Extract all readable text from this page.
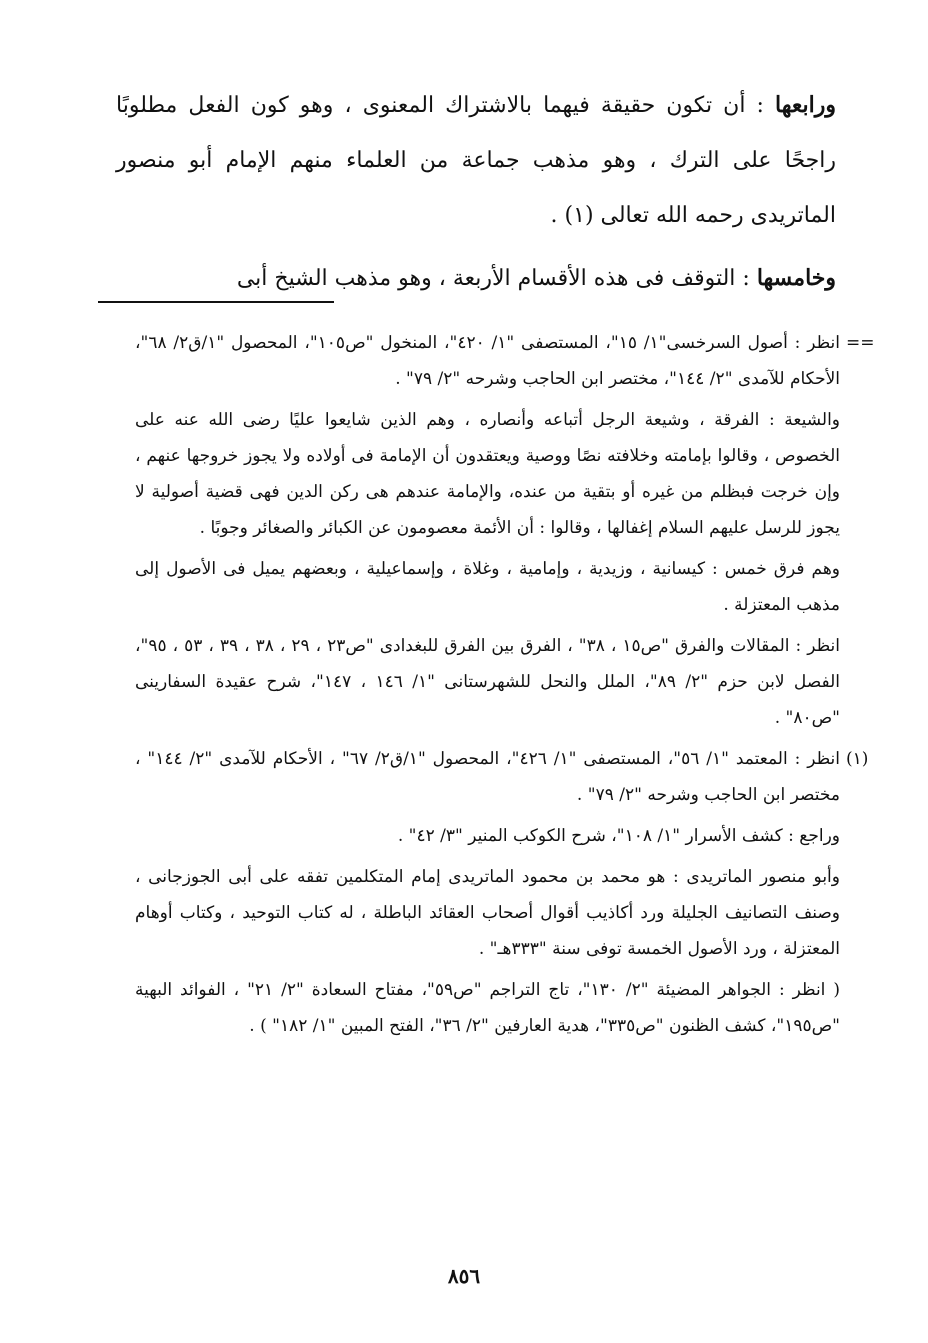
ورابعها : أن تكون حقيقة فيهما بالاشتراك المعنوى ، وهو كون الفعل مطلوبًا راجحًا على الترك ، وهو مذهب جماعة من العلماء منهم الإمام أبو منصور الماتريدى رحمه الله تعالى (١) .

وخامسها : التوقف فى هذه الأقسام الأربعة ، وهو مذهب الشيخ أبى

==
انظر : أصول السرخسى"١/ ١٥"، المستصفى "١/ ٤٢٠"، المنخول "ص١٠٥"، المحصول "١/ق٢/ ٦٨"، الأحكام للآمدى "٢/ ١٤٤"، مختصر ابن الحاجب وشرحه "٢/ ٧٩" .
والشيعة : الفرقة ، وشيعة الرجل أتباعه وأنصاره ، وهم الذين شايعوا عليًا رضى الله عنه على الخصوص ، وقالوا بإمامته وخلافته نصًا ووصية ويعتقدون أن الإمامة فى أولاده ولا يجوز خروجها عنهم ، وإن خرجت فبظلم من غيره أو بتقية من عنده، والإمامة عندهم هى ركن الدين فهى قضية أصولية لا يجوز للرسل عليهم السلام إغفالها ، وقالوا : أن الأئمة معصومون عن الكبائر والصغائر وجوبًا .
وهم فرق خمس : كيسانية ، وزيدية ، وإمامية ، وغلاة ، وإسماعيلية ، وبعضهم يميل فى الأصول إلى مذهب المعتزلة .
انظر : المقالات والفرق "ص١٥ ، ٣٨" ، الفرق بين الفرق للبغدادى "ص٢٣ ، ٢٩ ، ٣٨ ، ٣٩ ، ٥٣ ، ٩٥"، الفصل لابن حزم "٢/ ٨٩"، الملل والنحل للشهرستانى "١/ ١٤٦ ، ١٤٧"، شرح عقيدة السفارينى "ص٨٠" .
(١)
انظر : المعتمد "١/ ٥٦"، المستصفى "١/ ٤٢٦"، المحصول "١/ق٢/ ٦٧" ، الأحكام للآمدى "٢/ ١٤٤" ، مختصر ابن الحاجب وشرحه "٢/ ٧٩" .
وراجع : كشف الأسرار "١/ ١٠٨"، شرح الكوكب المنير "٣/ ٤٢" .
وأبو منصور الماتريدى : هو محمد بن محمود الماتريدى إمام المتكلمين تفقه على أبى الجوزجانى ، وصنف التصانيف الجليلة ورد أكاذيب أقوال أصحاب العقائد الباطلة ، له كتاب التوحيد ، وكتاب أوهام المعتزلة ، ورد الأصول الخمسة توفى سنة "٣٣٣هـ" .
( انظر : الجواهر المضيئة "٢/ ١٣٠"، تاج التراجم "ص٥٩"، مفتاح السعادة "٢/ ٢١" ، الفوائد البهية "ص١٩٥"، كشف الظنون "ص٣٣٥"، هدية العارفين "٢/ ٣٦"، الفتح المبين "١/ ١٨٢" ) .
٨٥٦
